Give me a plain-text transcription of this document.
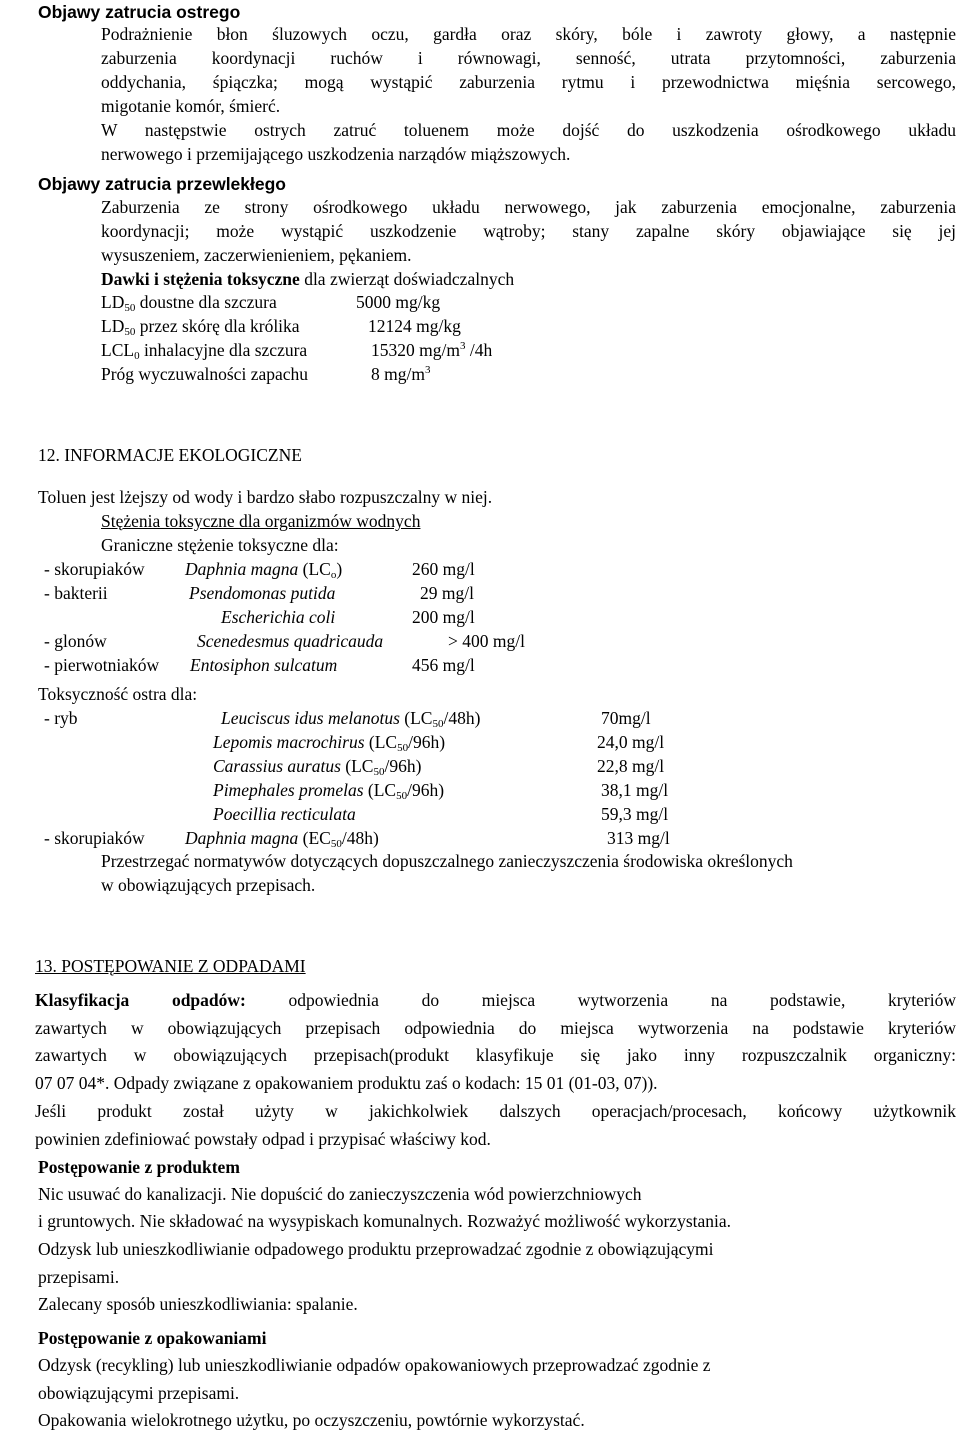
Objawy zatrucia ostrego
Podrażnienie błon śluzowych oczu, gardła oraz skóry, bóle i zawroty głowy, a następnie
zaburzenia koordynacji ruchów i równowagi, senność, utrata przytomności, zaburzenia
oddychania, śpiączka; mogą wystąpić zaburzenia rytmu i przewodnictwa mięśnia sercowego,
migotanie komór, śmierć.
W następstwie ostrych zatruć toluenem może dojść do uszkodzenia ośrodkowego układu
nerwowego i przemijającego uszkodzenia narządów miąższowych.
Objawy zatrucia przewlekłego
Zaburzenia ze strony ośrodkowego układu nerwowego, jak zaburzenia emocjonalne, zaburzenia
koordynacji; może wystąpić uszkodzenie wątroby; stany zapalne skóry objawiające się jej
wysuszeniem, zaczerwienieniem, pękaniem.
Dawki i stężenia toksyczne dla zwierząt doświadczalnych
$LD_{50}$ doustne dla szczura	5000 mg/kg
$LD_{50}$ przez skórę dla królika	12124 mg/kg
$LCL_0$ inhalacyjne dla szczura	15320 $mg/m^3$ /4h
Próg wyczuwalności zapachu	8 $mg/m^3$
12. INFORMACJE EKOLOGICZNE
Toluen jest lżejszy od wody i bardzo słabo rozpuszczalny w niej.
Stężenia toksyczne dla organizmów wodnych
Graniczne stężenie toksyczne dla:
- skorupiaków Daphnia magna $(LC_o)$	260 mg/l
- bakterii	Psendomonas putida	29 mg/l
Escherichia coli	200 mg/l
- glonów	Scenedesmus quadricauda	> 400 mg/l
- pierwotniaków Entosiphon sulcatum	456 mg/l
Toksyczność ostra dla:
- ryb	Leuciscus idus melanotus $(LC_{50}/48h)$	70mg/l
Lepomis macrochirus $(LC_{50}/96h)$	24,0 mg/l
Carassius auratus $(LC_{50}/96h)$	22,8 mg/l
Pimephales promelas $(LC_{50}/96h)$	38,1 mg/l
Poecillia recticulata	59,3 mg/l
- skorupiaków Daphnia magna $(EC_{50}/48h)$	313 mg/l
Przestrzegać normatywów dotyczących dopuszczalnego zanieczyszczenia środowiska określonych
w obowiązujących przepisach.
13. POSTĘPOWANIE Z ODPADAMI
Klasyfikacja odpadów: odpowiednia do miejsca wytworzenia na podstawie, kryteriów
zawartych w obowiązujących przepisach odpowiednia do miejsca wytworzenia na podstawie kryteriów
zawartych w obowiązujących przepisach(produkt klasyfikuje się jako inny rozpuszczalnik organiczny:
07 07 04*. Odpady związane z opakowaniem produktu zaś o kodach: 15 01 (01-03, 07)).
Jeśli produkt został użyty w jakichkolwiek dalszych operacjach/procesach, końcowy użytkownik
powinien zdefiniować powstały odpad i przypisać właściwy kod.
Postępowanie z produktem
Nic usuwać do kanalizacji. Nie dopuścić do zanieczyszczenia wód powierzchniowych
i gruntowych. Nie składować na wysypiskach komunalnych. Rozważyć możliwość wykorzystania.
Odzysk lub unieszkodliwianie odpadowego produktu przeprowadzać zgodnie z obowiązującymi
przepisami.
Zalecany sposób unieszkodliwiania: spalanie.
Postępowanie z opakowaniami
Odzysk (recykling) lub unieszkodliwianie odpadów opakowaniowych przeprowadzać zgodnie z
obowiązującymi przepisami.
Opakowania wielokrotnego użytku, po oczyszczeniu, powtórnie wykorzystać.
